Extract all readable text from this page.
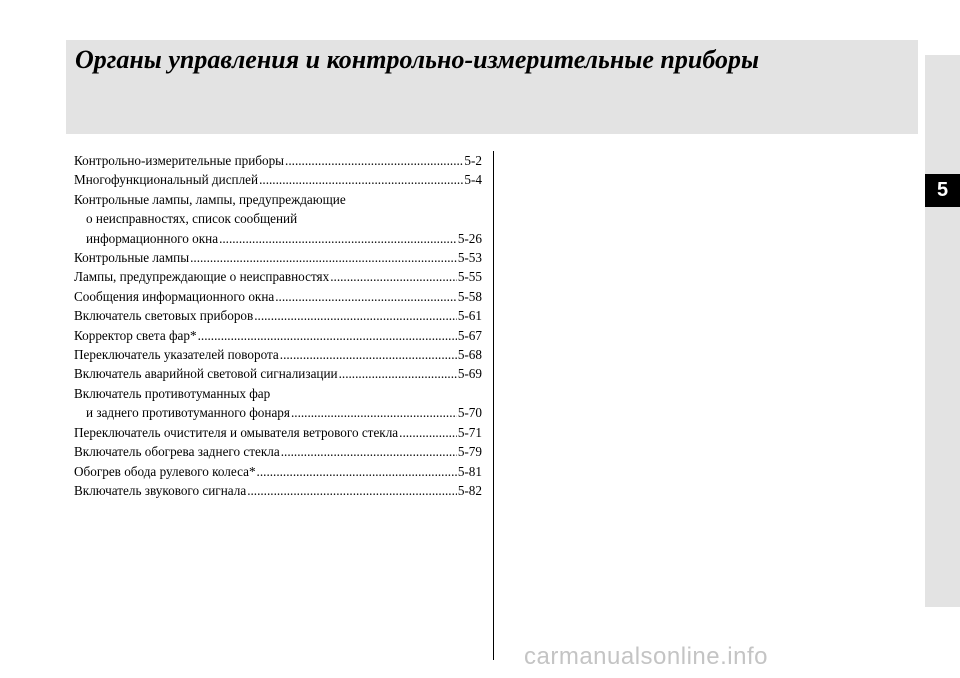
Органы управления и контрольно-измерительные приборы
5
Контрольно-измерительные приборы .....	5-2
Многофункциональный дисплей .....	5-4
Контрольные лампы, лампы, предупреждающие
о неисправностях, список сообщений
информационного окна .....	5-26
Контрольные лампы .....	5-53
Лампы, предупреждающие о неисправностях .....	5-55
Сообщения информационного окна .....	5-58
Включатель световых приборов .....	5-61
Корректор света фар* .....	5-67
Переключатель указателей поворота .....	5-68
Включатель аварийной световой сигнализации .....	5-69
Включатель противотуманных фар
и заднего противотуманного фонаря .....	5-70
Переключатель очистителя и омывателя ветрового стекла .....	5-71
Включатель обогрева заднего стекла .....	5-79
Обогрев обода рулевого колеса* .....	5-81
Включатель звукового сигнала .....	5-82

carmanualsonline.info
